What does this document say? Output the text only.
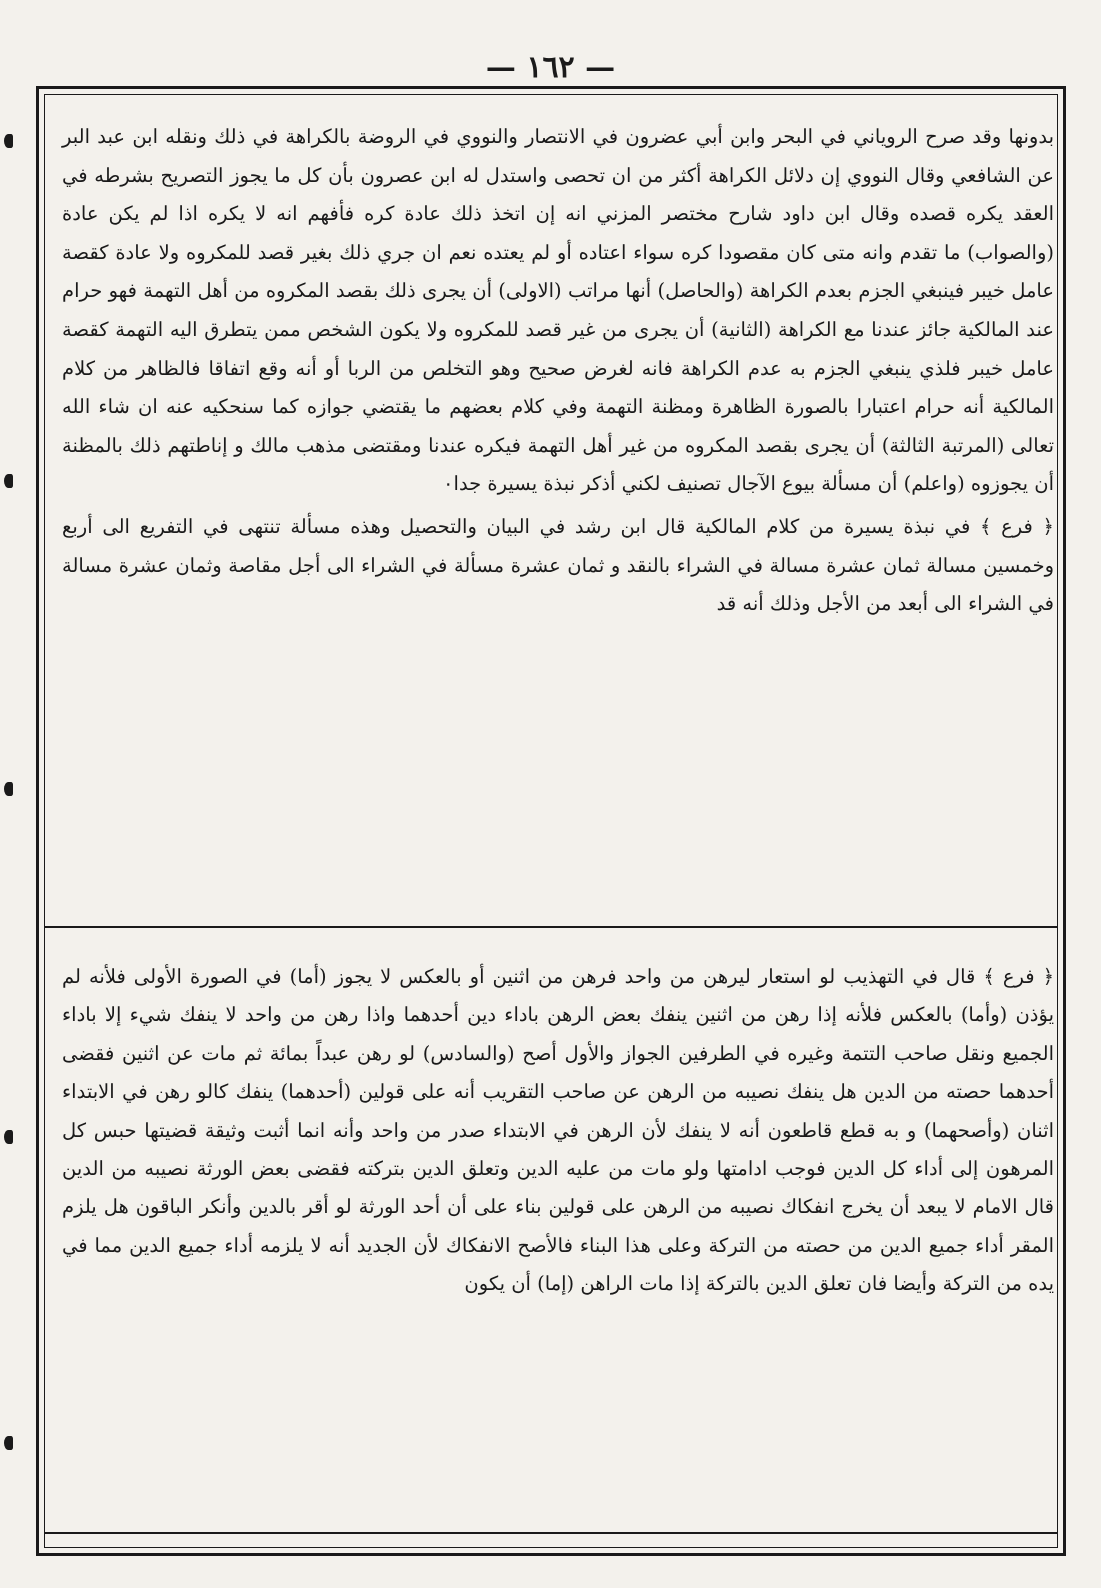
— ١٦٢ —

بدونها وقد صرح الروياني في البحر وابن أبي عضرون في الانتصار والنووي في الروضة بالكراهة في ذلك ونقله ابن عبد البر عن الشافعي وقال النووي إن دلائل الكراهة أكثر من ان تحصى واستدل له ابن عصرون بأن كل ما يجوز التصريح بشرطه في العقد يكره قصده وقال ابن داود شارح مختصر المزني انه إن اتخذ ذلك عادة كره فأفهم انه لا يكره اذا لم يكن عادة (والصواب) ما تقدم وانه متى كان مقصودا كره سواء اعتاده أو لم يعتده نعم ان جري ذلك بغير قصد للمكروه ولا عادة كقصة عامل خيبر فينبغي الجزم بعدم الكراهة (والحاصل) أنها مراتب (الاولى) أن يجرى ذلك بقصد المكروه من أهل التهمة فهو حرام عند المالكية جائز عندنا مع الكراهة (الثانية) أن يجرى من غير قصد للمكروه ولا يكون الشخص ممن يتطرق اليه التهمة كقصة عامل خيبر فلذي ينبغي الجزم به عدم الكراهة فانه لغرض صحيح وهو التخلص من الربا أو أنه وقع اتفاقا فالظاهر من كلام المالكية أنه حرام اعتبارا بالصورة الظاهرة ومظنة التهمة وفي كلام بعضهم ما يقتضي جوازه كما سنحكيه عنه ان شاء الله تعالى (المرتبة الثالثة) أن يجرى بقصد المكروه من غير أهل التهمة فيكره عندنا ومقتضى مذهب مالك و إناطتهم ذلك بالمظنة أن يجوزوه (واعلم) أن مسألة بيوع الآجال تصنيف لكني أذكر نبذة يسيرة جدا٠

﴿ فرع ﴾ في نبذة يسيرة من كلام المالكية قال ابن رشد في البيان والتحصيل وهذه مسألة تنتهى في التفريع الى أربع وخمسين مسالة ثمان عشرة مسالة في الشراء بالنقد و ثمان عشرة مسألة في الشراء الى أجل مقاصة وثمان عشرة مسالة في الشراء الى أبعد من الأجل وذلك أنه قد

﴿ فرع ﴾ قال في التهذيب لو استعار ليرهن من واحد فرهن من اثنين أو بالعكس لا يجوز (أما) في الصورة الأولى فلأنه لم يؤذن (وأما) بالعكس فلأنه إذا رهن من اثنين ينفك بعض الرهن باداء دين أحدهما واذا رهن من واحد لا ينفك شيء إلا باداء الجميع ونقل صاحب التتمة وغيره في الطرفين الجواز والأول أصح (والسادس) لو رهن عبداً بمائة ثم مات عن اثنين فقضى أحدهما حصته من الدين هل ينفك نصيبه من الرهن عن صاحب التقريب أنه على قولين (أحدهما) ينفك كالو رهن في الابتداء اثنان (وأصحهما) و به قطع قاطعون أنه لا ينفك لأن الرهن في الابتداء صدر من واحد وأنه انما أثبت وثيقة قضيتها حبس كل المرهون إلى أداء كل الدين فوجب ادامتها ولو مات من عليه الدين وتعلق الدين بتركته فقضى بعض الورثة نصيبه من الدين قال الامام لا يبعد أن يخرج انفكاك نصيبه من الرهن على قولين بناء على أن أحد الورثة لو أقر بالدين وأنكر الباقون هل يلزم المقر أداء جميع الدين من حصته من التركة وعلى هذا البناء فالأصح الانفكاك لأن الجديد أنه لا يلزمه أداء جميع الدين مما في يده من التركة وأيضا فان تعلق الدين بالتركة إذا مات الراهن (إما) أن يكون
